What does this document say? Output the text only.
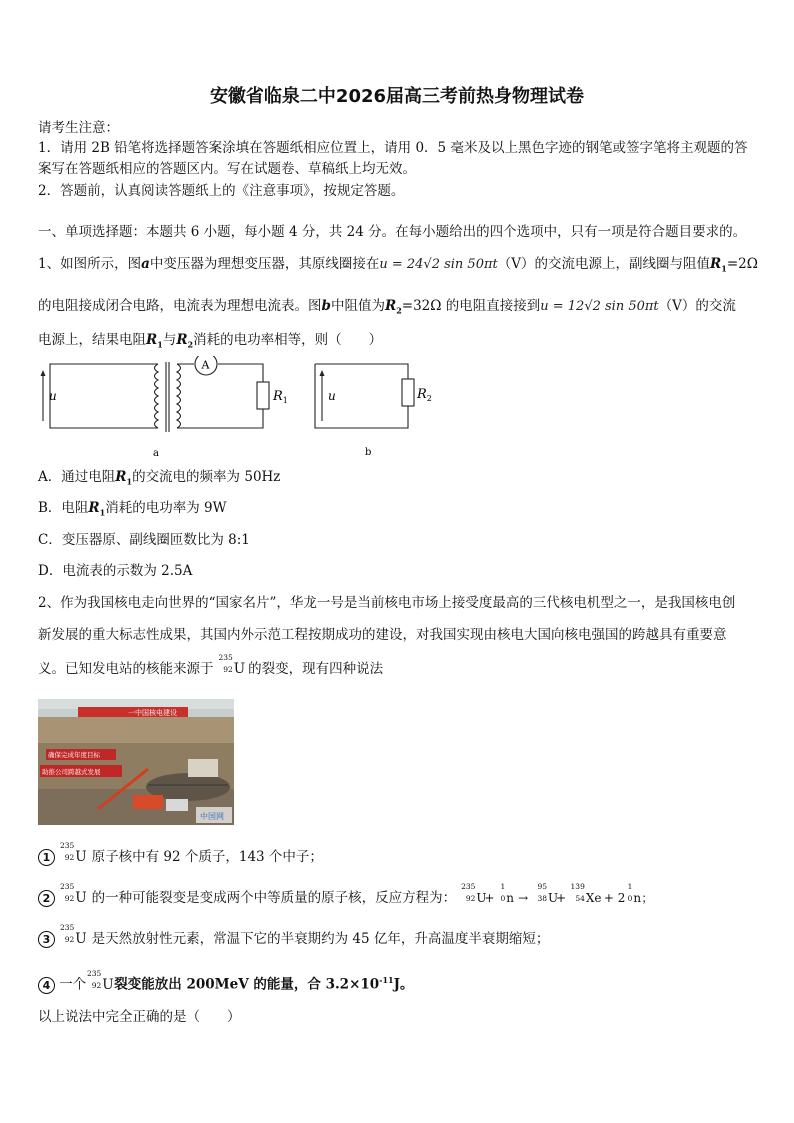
安徽省临泉二中2026届高三考前热身物理试卷
请考生注意：
1．请用 2B 铅笔将选择题答案涂填在答题纸相应位置上，请用 0．5 毫米及以上黑色字迹的钢笔或签字笔将主观题的答
案写在答题纸相应的答题区内。写在试题卷、草稿纸上均无效。
2．答题前，认真阅读答题纸上的《注意事项》，按规定答题。
一、单项选择题：本题共 6 小题，每小题 4 分，共 24 分。在每小题给出的四个选项中，只有一项是符合题目要求的。
1、如图所示，图a中变压器为理想变压器，其原线圈接在u = 24√2 sin 50πt（V）的交流电源上，副线圈与阻值$R_1=2\Omega$
的电阻接成闭合电路，电流表为理想电流表。图b中阻值为$R_2=32\Omega$ 的电阻直接接到u = 12√2 sin 50πt（V）的交流
电源上，结果电阻$R_1$与$R_2$消耗的电功率相等，则（　　）
u	u
A
$R_1$	$R_2$
a	b
A．通过电阻$R_1$的交流电的频率为 50Hz
B．电阻$R_1$消耗的电功率为 9W
C．变压器原、副线圈匝数比为 8:1
D．电流表的示数为 2.5A
2、作为我国核电走向世界的“国家名片”，华龙一号是当前核电市场上接受度最高的三代核电机型之一，是我国核电创
新发展的重大标志性成果，其国内外示范工程按期成功的建设，对我国实现由核电大国向核电强国的跨越具有重要意
义。已知发电站的核能来源于
235
92 U 的裂变，现有四种说法
一中国核电建设
确保完成年度目标
助推公司跨越式发展
中国网
1
235
92 U 原子核中有 92 个质子，143 个中子；
2
235
92 U 的一种可能裂变是变成两个中等质量的原子核，反应方程为：
235
92 U+
1
0 n →
95
38 U+
139
54 Xe + 2
1
0 n；
3
235
92 U 是天然放射性元素，常温下它的半衰期约为 45 亿年，升高温度半衰期缩短；
4 一个
235
92 U裂变能放出 200MeV 的能量，合 $3.2\times 10^{-11}J$。
以上说法中完全正确的是（　　）
